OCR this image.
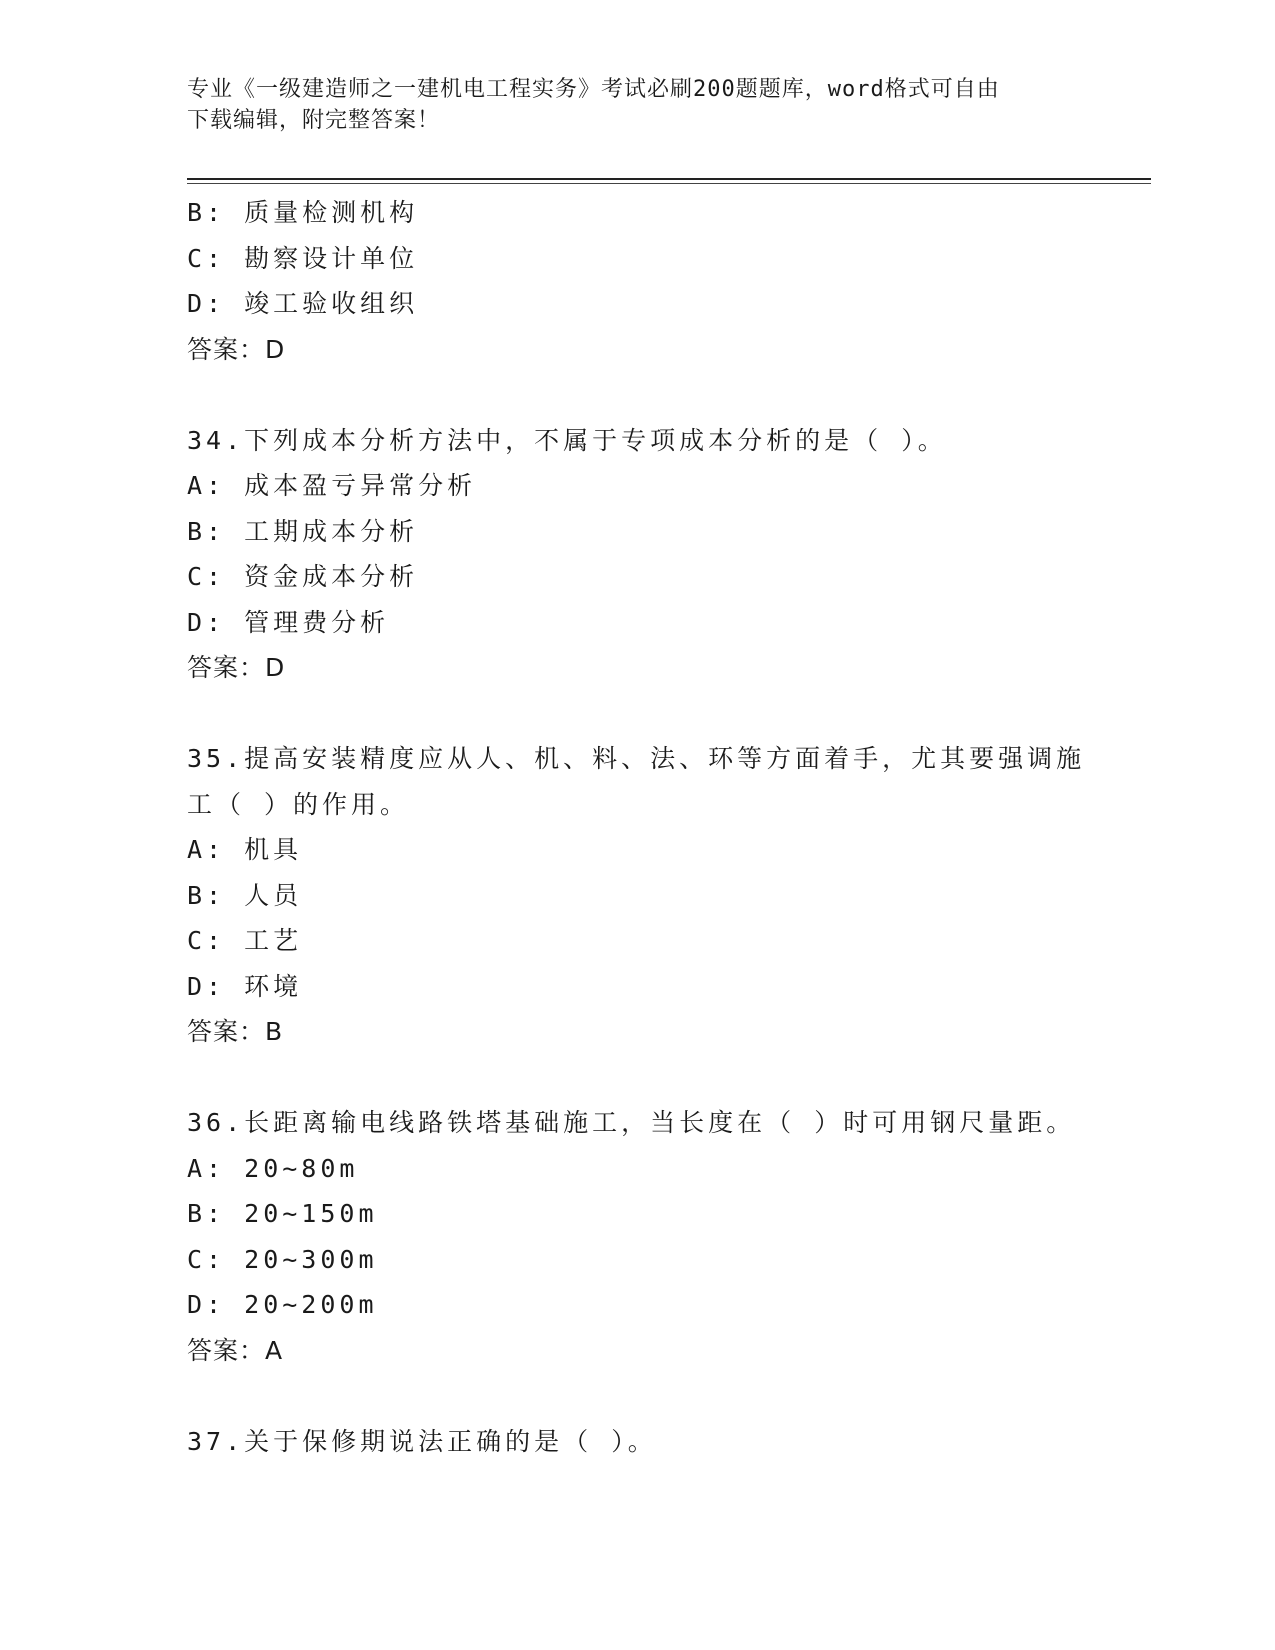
专业《一级建造师之一建机电工程实务》考试必刷200题题库，word格式可自由
下载编辑，附完整答案！
B: 质量检测机构
C: 勘察设计单位
D: 竣工验收组织
答案：D
34.下列成本分析方法中，不属于专项成本分析的是（ ）。
A: 成本盈亏异常分析
B: 工期成本分析
C: 资金成本分析
D: 管理费分析
答案：D
35.提高安装精度应从人、机、料、法、环等方面着手，尤其要强调施
工（ ）的作用。
A: 机具
B: 人员
C: 工艺
D: 环境
答案：B
36.长距离输电线路铁塔基础施工，当长度在（ ）时可用钢尺量距。
A: 20~80m
B: 20~150m
C: 20~300m
D: 20~200m
答案：A
37.关于保修期说法正确的是（ ）。
